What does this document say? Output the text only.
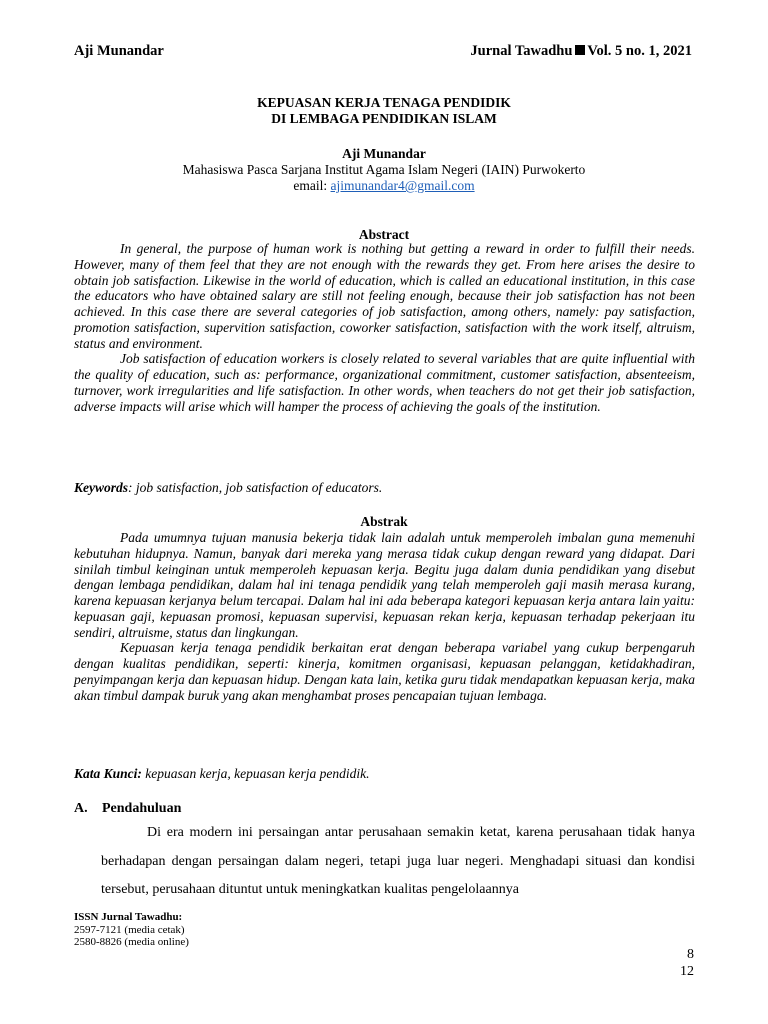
Aji Munandar	Jurnal Tawadhu Vol. 5 no. 1, 2021
KEPUASAN KERJA TENAGA PENDIDIK
DI LEMBAGA PENDIDIKAN ISLAM
Aji Munandar
Mahasiswa Pasca Sarjana Institut Agama Islam Negeri (IAIN) Purwokerto
email: ajimunandar4@gmail.com
Abstract

In general, the purpose of human work is nothing but getting a reward in order to fulfill their needs. However, many of them feel that they are not enough with the rewards they get. From here arises the desire to obtain job satisfaction. Likewise in the world of education, which is called an educational institution, in this case the educators who have obtained salary are still not feeling enough, because their job satisfaction has not been achieved. In this case there are several categories of job satisfaction, among others, namely: pay satisfaction, promotion satisfaction, supervition satisfaction, coworker satisfaction, satisfaction with the work itself, altruism, status and environment.

Job satisfaction of education workers is closely related to several variables that are quite influential with the quality of education, such as: performance, organizational commitment, customer satisfaction, absenteeism, turnover, work irregularities and life satisfaction. In other words, when teachers do not get their job satisfaction, adverse impacts will arise which will hamper the process of achieving the goals of the institution.

Keywords: job satisfaction, job satisfaction of educators.
Abstrak

Pada umumnya tujuan manusia bekerja tidak lain adalah untuk memperoleh imbalan guna memenuhi kebutuhan hidupnya. Namun, banyak dari mereka yang merasa tidak cukup dengan reward yang didapat. Dari sinilah timbul keinginan untuk memperoleh kepuasan kerja. Begitu juga dalam dunia pendidikan yang disebut dengan lembaga pendidikan, dalam hal ini tenaga pendidik yang telah memperoleh gaji masih merasa kurang, karena kepuasan kerjanya belum tercapai. Dalam hal ini ada beberapa kategori kepuasan kerja antara lain yaitu: kepuasan gaji, kepuasan promosi, kepuasan supervisi, kepuasan rekan kerja, kepuasan terhadap pekerjaan itu sendiri, altruisme, status dan lingkungan.

Kepuasan kerja tenaga pendidik berkaitan erat dengan beberapa variabel yang cukup berpengaruh dengan kualitas pendidikan, seperti: kinerja, komitmen organisasi, kepuasan pelanggan, ketidakhadiran, penyimpangan kerja dan kepuasan hidup. Dengan kata lain, ketika guru tidak mendapatkan kepuasan kerja, maka akan timbul dampak buruk yang akan menghambat proses pencapaian tujuan lembaga.

Kata Kunci: kepuasan kerja, kepuasan kerja pendidik.
A. Pendahuluan

Di era modern ini persaingan antar perusahaan semakin ketat, karena perusahaan tidak hanya berhadapan dengan persaingan dalam negeri, tetapi juga luar negeri. Menghadapi situasi dan kondisi tersebut, perusahaan dituntut untuk meningkatkan kualitas pengelolaannya

ISSN Jurnal Tawadhu:
2597-7121 (media cetak)
2580-8826 (media online)
8
12
